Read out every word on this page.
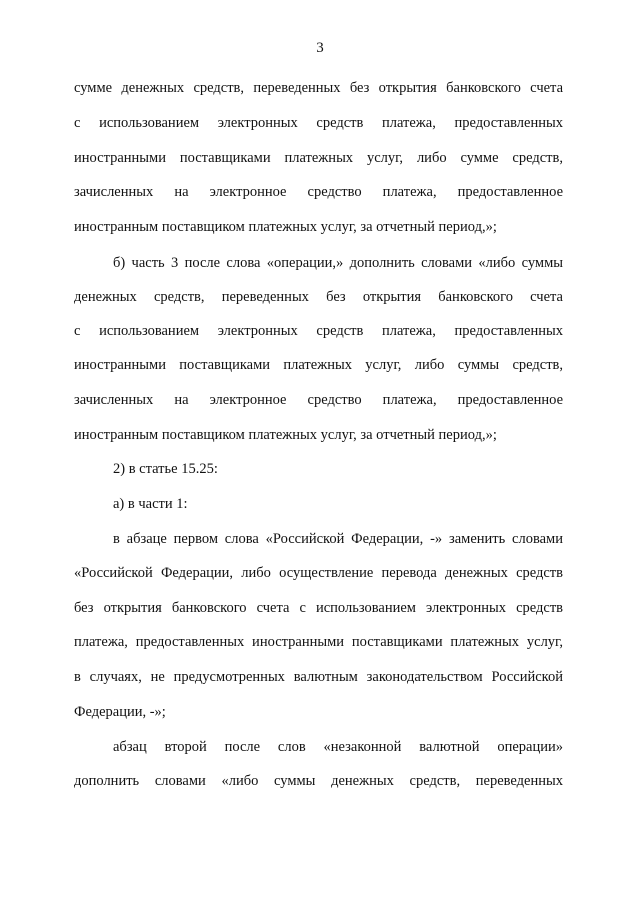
3
сумме денежных средств, переведенных без открытия банковского счета
с использованием электронных средств платежа, предоставленных
иностранными поставщиками платежных услуг, либо сумме средств,
зачисленных на электронное средство платежа, предоставленное
иностранным поставщиком платежных услуг, за отчетный период,»;
б) часть 3 после слова «операции,» дополнить словами «либо суммы
денежных средств, переведенных без открытия банковского счета
с использованием электронных средств платежа, предоставленных
иностранными поставщиками платежных услуг, либо суммы средств,
зачисленных на электронное средство платежа, предоставленное
иностранным поставщиком платежных услуг, за отчетный период,»;
2) в статье 15.25:
а) в части 1:
в абзаце первом слова «Российской Федерации, -» заменить словами
«Российской Федерации, либо осуществление перевода денежных средств
без открытия банковского счета с использованием электронных средств
платежа, предоставленных иностранными поставщиками платежных услуг,
в случаях, не предусмотренных валютным законодательством Российской
Федерации, -»;
абзац второй после слов «незаконной валютной операции»
дополнить словами «либо суммы денежных средств, переведенных
